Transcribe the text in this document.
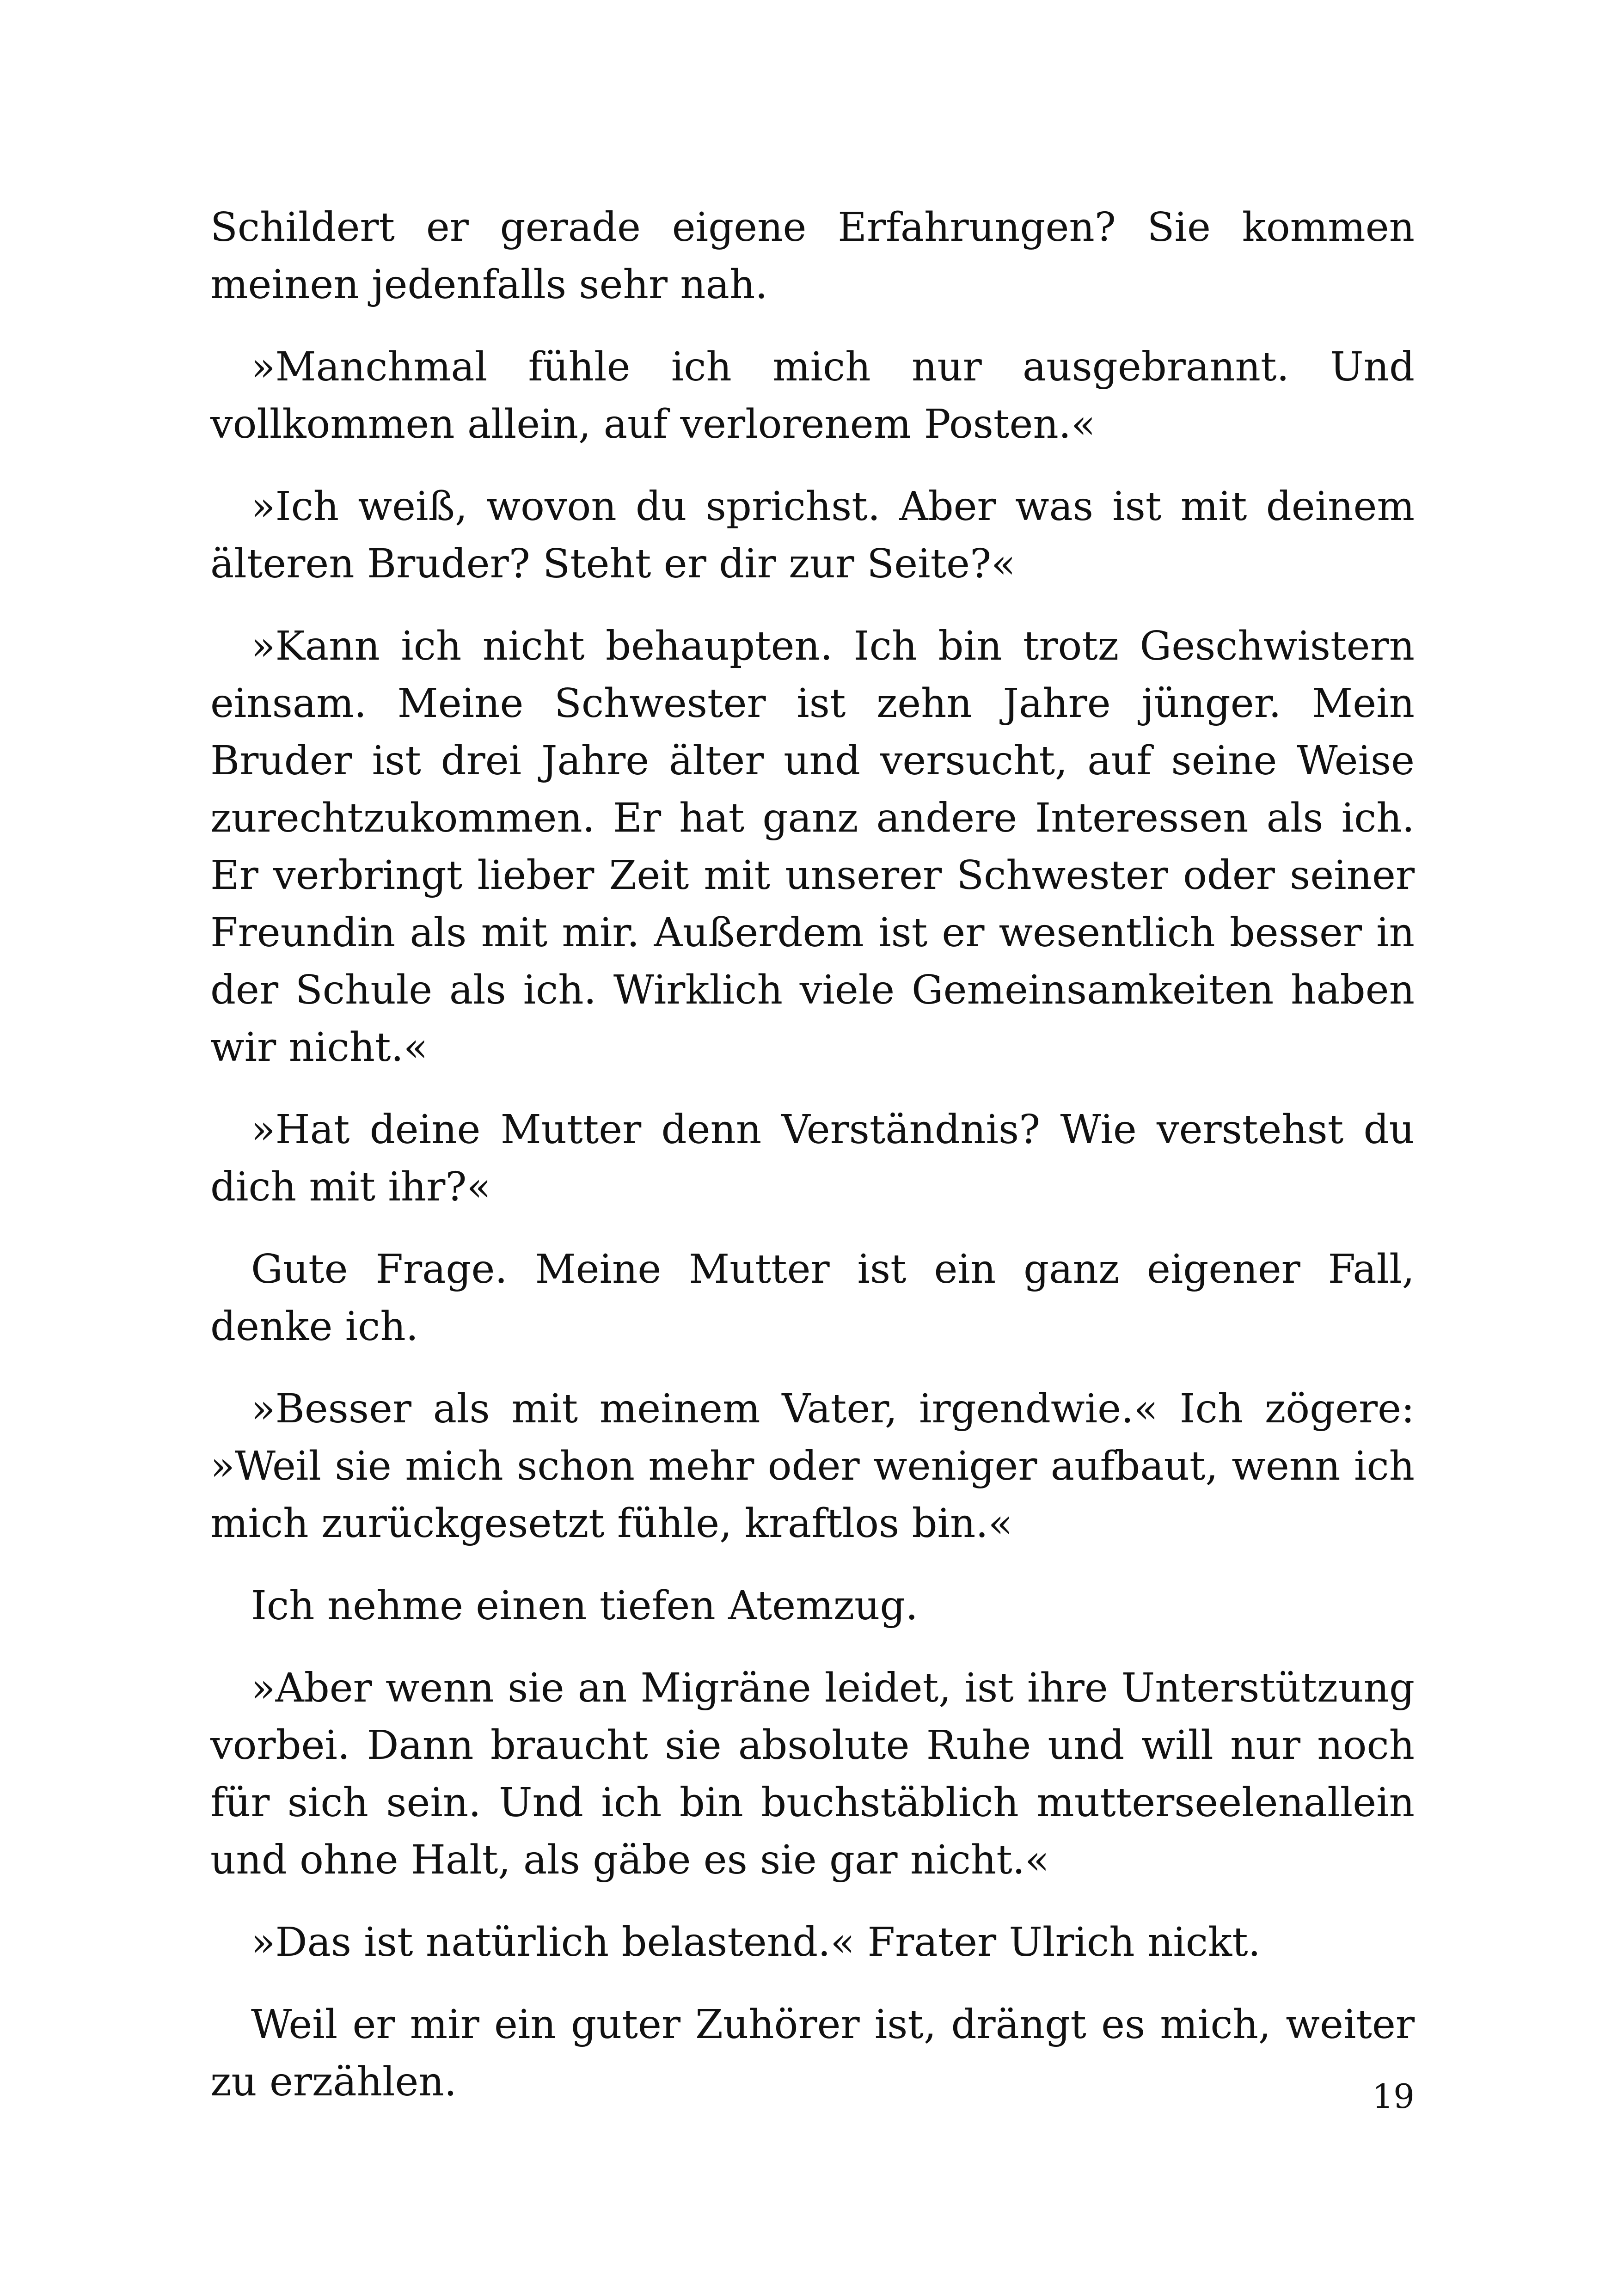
Schildert er gerade eigene Erfahrungen? Sie kommen meinen jedenfalls sehr nah.

»Manchmal fühle ich mich nur ausgebrannt. Und vollkommen allein, auf verlorenem Posten.«

»Ich weiß, wovon du sprichst. Aber was ist mit deinem älteren Bruder? Steht er dir zur Seite?«

»Kann ich nicht behaupten. Ich bin trotz Geschwistern einsam. Meine Schwester ist zehn Jahre jünger. Mein Bruder ist drei Jahre älter und versucht, auf seine Weise zurechtzukommen. Er hat ganz andere Interessen als ich. Er verbringt lieber Zeit mit unserer Schwester oder seiner Freundin als mit mir. Außerdem ist er wesentlich besser in der Schule als ich. Wirklich viele Gemeinsamkeiten haben wir nicht.«

»Hat deine Mutter denn Verständnis? Wie verstehst du dich mit ihr?«

Gute Frage. Meine Mutter ist ein ganz eigener Fall, denke ich.

»Besser als mit meinem Vater, irgendwie.« Ich zögere: »Weil sie mich schon mehr oder weniger aufbaut, wenn ich mich zurückgesetzt fühle, kraftlos bin.«

Ich nehme einen tiefen Atemzug.

»Aber wenn sie an Migräne leidet, ist ihre Unterstützung vorbei. Dann braucht sie absolute Ruhe und will nur noch für sich sein. Und ich bin buchstäblich mutterseelenallein und ohne Halt, als gäbe es sie gar nicht.«

»Das ist natürlich belastend.« Frater Ulrich nickt.

Weil er mir ein guter Zuhörer ist, drängt es mich, weiter zu erzählen.	19
